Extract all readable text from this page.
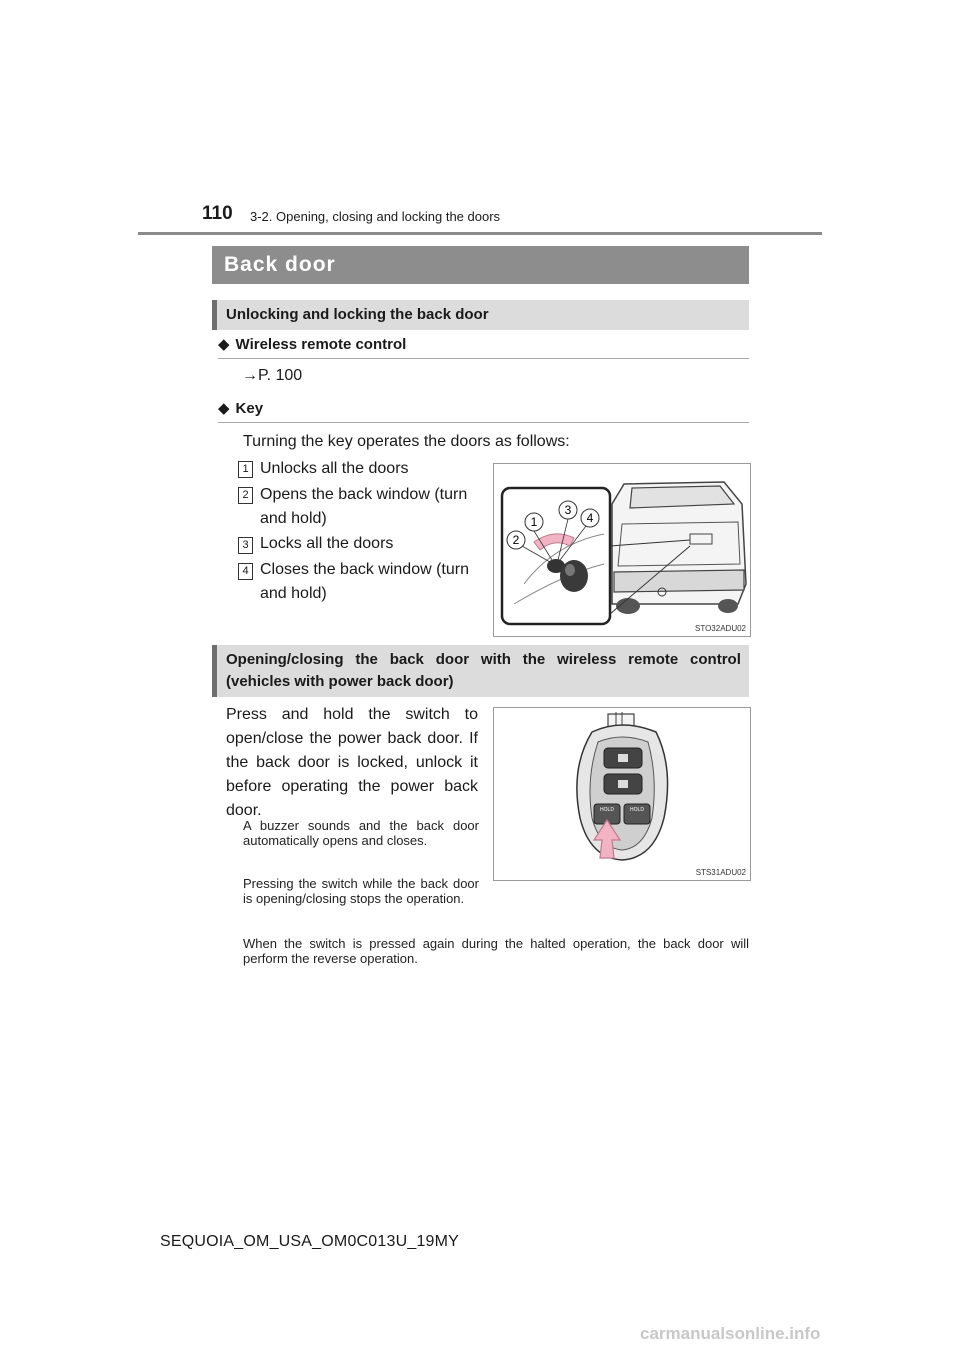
110 3-2. Opening, closing and locking the doors
Back door
Unlocking and locking the back door
◆ Wireless remote control
→P. 100
◆ Key
Turning the key operates the doors as follows:
1 Unlocks all the doors
2 Opens the back window (turn and hold)
3 Locks all the doors
4 Closes the back window (turn and hold)
1
2
3
4
STO32ADU02
Opening/closing the back door with the wireless remote control
(vehicles with power back door)
Press and hold the switch to open/close the power back door. If the back door is locked, unlock it before operating the power back door.
A buzzer sounds and the back door automatically opens and closes.
Pressing the switch while the back door is opening/closing stops the operation.
When the switch is pressed again during the halted operation, the back door will perform the reverse operation.
HOLD	HOLD
STS31ADU02
SEQUOIA_OM_USA_OM0C013U_19MY
carmanualsonline.info
